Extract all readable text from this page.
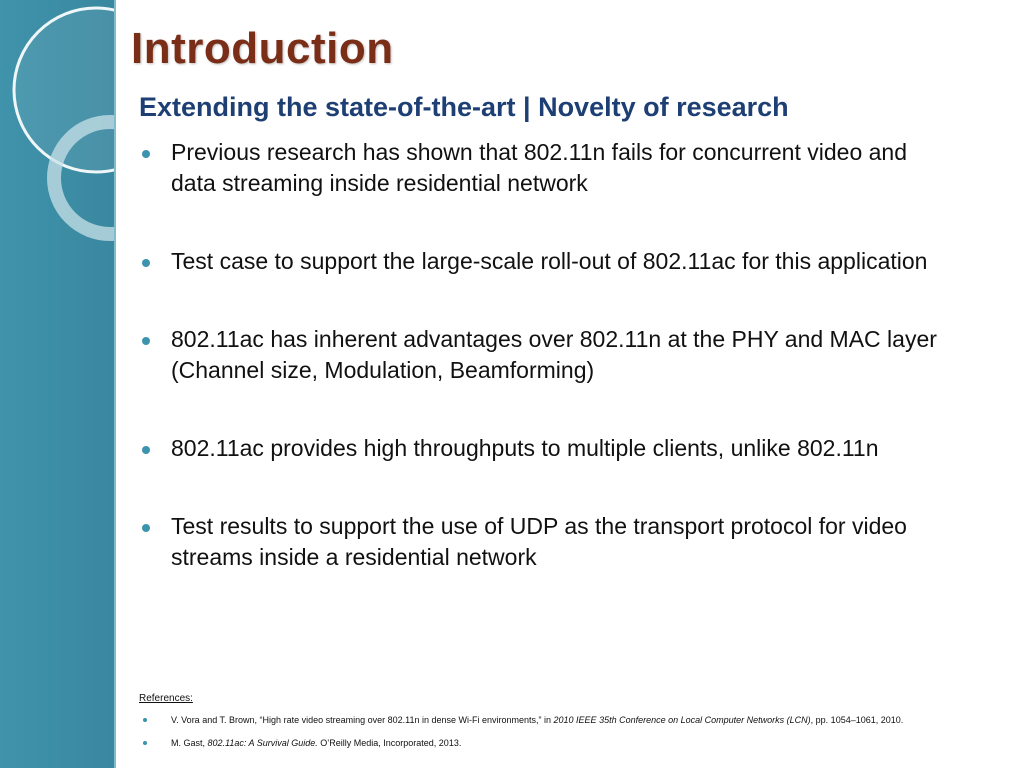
Introduction
Extending the state-of-the-art | Novelty of research
Previous research has shown that 802.11n fails for concurrent video and data streaming inside residential network
Test case to support the large-scale roll-out of 802.11ac for this application
802.11ac has inherent advantages over 802.11n at the PHY and MAC layer (Channel size, Modulation, Beamforming)
802.11ac provides high throughputs to multiple clients, unlike 802.11n
Test results to support the use of UDP as the transport protocol for video streams inside a residential network
References:
V. Vora and T. Brown, “High rate video streaming over 802.11n in dense Wi-Fi environments,” in 2010 IEEE 35th Conference on Local Computer Networks (LCN), pp. 1054–1061, 2010.
M. Gast, 802.11ac: A Survival Guide. O’Reilly Media, Incorporated, 2013.
